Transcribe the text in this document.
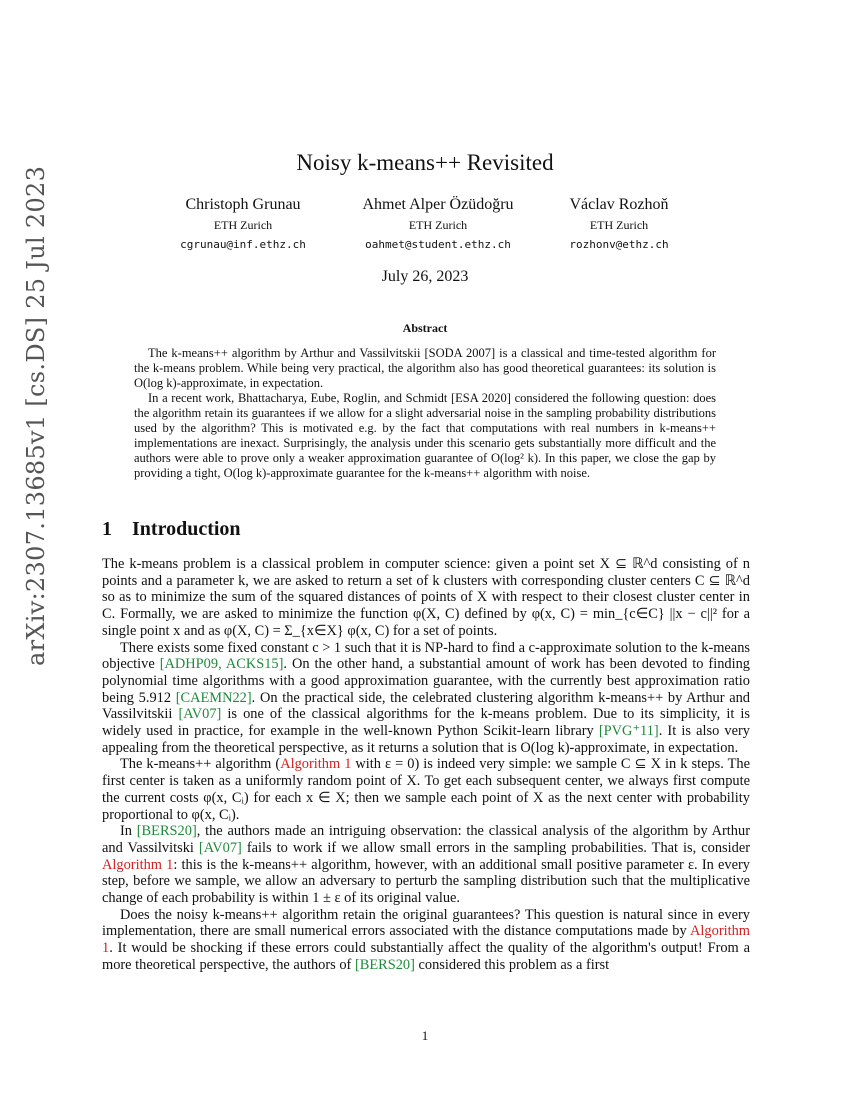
arXiv:2307.13685v1 [cs.DS] 25 Jul 2023
Noisy k-means++ Revisited
Christoph Grunau
ETH Zurich
cgrunau@inf.ethz.ch
Ahmet Alper Özüdoğru
ETH Zurich
oahmet@student.ethz.ch
Václav Rozhoň
ETH Zurich
rozhonv@ethz.ch
July 26, 2023
Abstract

The k-means++ algorithm by Arthur and Vassilvitskii [SODA 2007] is a classical and time-tested algorithm for the k-means problem. While being very practical, the algorithm also has good theoretical guarantees: its solution is O(log k)-approximate, in expectation.

In a recent work, Bhattacharya, Eube, Roglin, and Schmidt [ESA 2020] considered the following question: does the algorithm retain its guarantees if we allow for a slight adversarial noise in the sampling probability distributions used by the algorithm? This is motivated e.g. by the fact that computations with real numbers in k-means++ implementations are inexact. Surprisingly, the analysis under this scenario gets substantially more difficult and the authors were able to prove only a weaker approximation guarantee of O(log² k). In this paper, we close the gap by providing a tight, O(log k)-approximate guarantee for the k-means++ algorithm with noise.

1 Introduction

The k-means problem is a classical problem in computer science: given a point set X ⊆ ℝ^d consisting of n points and a parameter k, we are asked to return a set of k clusters with corresponding cluster centers C ⊆ ℝ^d so as to minimize the sum of the squared distances of points of X with respect to their closest cluster center in C. Formally, we are asked to minimize the function φ(X, C) defined by φ(x, C) = min_{c∈C} ||x − c||² for a single point x and as φ(X, C) = Σ_{x∈X} φ(x, C) for a set of points.

There exists some fixed constant c > 1 such that it is NP-hard to find a c-approximate solution to the k-means objective [ADHP09, ACKS15]. On the other hand, a substantial amount of work has been devoted to finding polynomial time algorithms with a good approximation guarantee, with the currently best approximation ratio being 5.912 [CAEMN22]. On the practical side, the celebrated clustering algorithm k-means++ by Arthur and Vassilvitskii [AV07] is one of the classical algorithms for the k-means problem. Due to its simplicity, it is widely used in practice, for example in the well-known Python Scikit-learn library [PVG⁺11]. It is also very appealing from the theoretical perspective, as it returns a solution that is O(log k)-approximate, in expectation.

The k-means++ algorithm (Algorithm 1 with ε = 0) is indeed very simple: we sample C ⊆ X in k steps. The first center is taken as a uniformly random point of X. To get each subsequent center, we always first compute the current costs φ(x, Cᵢ) for each x ∈ X; then we sample each point of X as the next center with probability proportional to φ(x, Cᵢ).

In [BERS20], the authors made an intriguing observation: the classical analysis of the algorithm by Arthur and Vassilvitski [AV07] fails to work if we allow small errors in the sampling probabilities. That is, consider Algorithm 1: this is the k-means++ algorithm, however, with an additional small positive parameter ε. In every step, before we sample, we allow an adversary to perturb the sampling distribution such that the multiplicative change of each probability is within 1 ± ε of its original value.

Does the noisy k-means++ algorithm retain the original guarantees? This question is natural since in every implementation, there are small numerical errors associated with the distance computations made by Algorithm 1. It would be shocking if these errors could substantially affect the quality of the algorithm's output! From a more theoretical perspective, the authors of [BERS20] considered this problem as a first

1
